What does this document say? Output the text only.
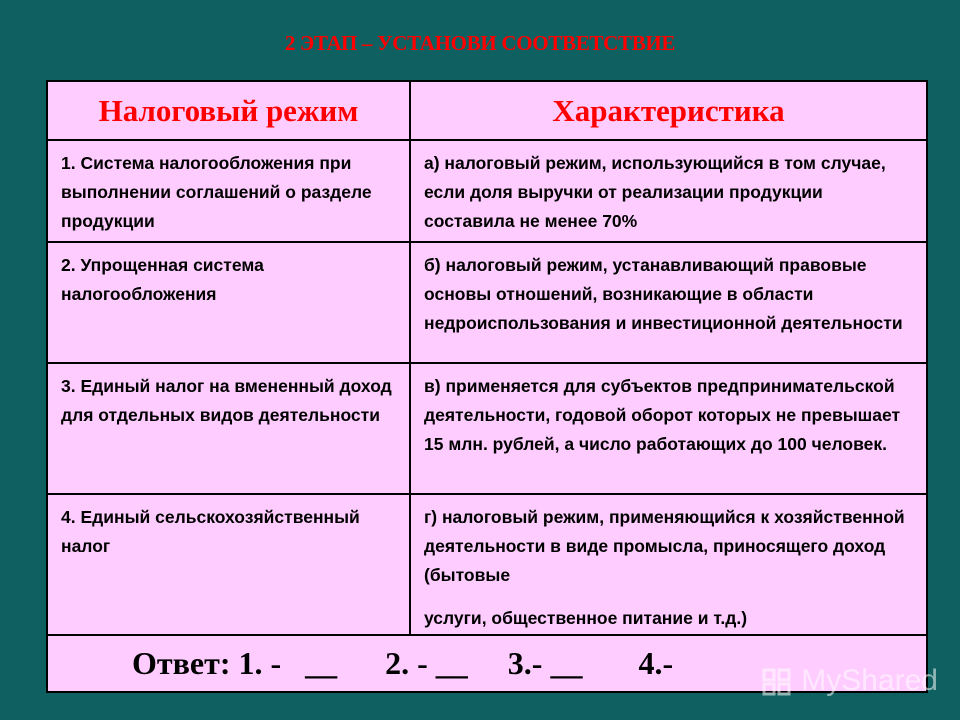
2 ЭТАП – УСТАНОВИ СООТВЕТСТВИЕ
Налоговый режим	Характеристика
1. Система налогообложения при выполнении соглашений о разделе продукции	а) налоговый режим, использующийся в том случае, если доля выручки от реализации продукции составила не менее 70%
2. Упрощенная система налогообложения	б) налоговый режим, устанавливающий правовые основы отношений, возникающие в области недроиспользования и инвестиционной деятельности
3. Единый налог на вмененный доход для отдельных видов деятельности	в) применяется для субъектов предпринимательской деятельности, годовой оборот которых не превышает 15 млн. рублей, а число работающих до 100 человек.
4. Единый сельскохозяйственный налог	г) налоговый режим, применяющийся к хозяйственной деятельности в виде промысла, приносящего доход (бытовые
услуги, общественное питание и т.д.)

Ответ: 1. -   __      2. - __     3.- __       4.-		MyShared
